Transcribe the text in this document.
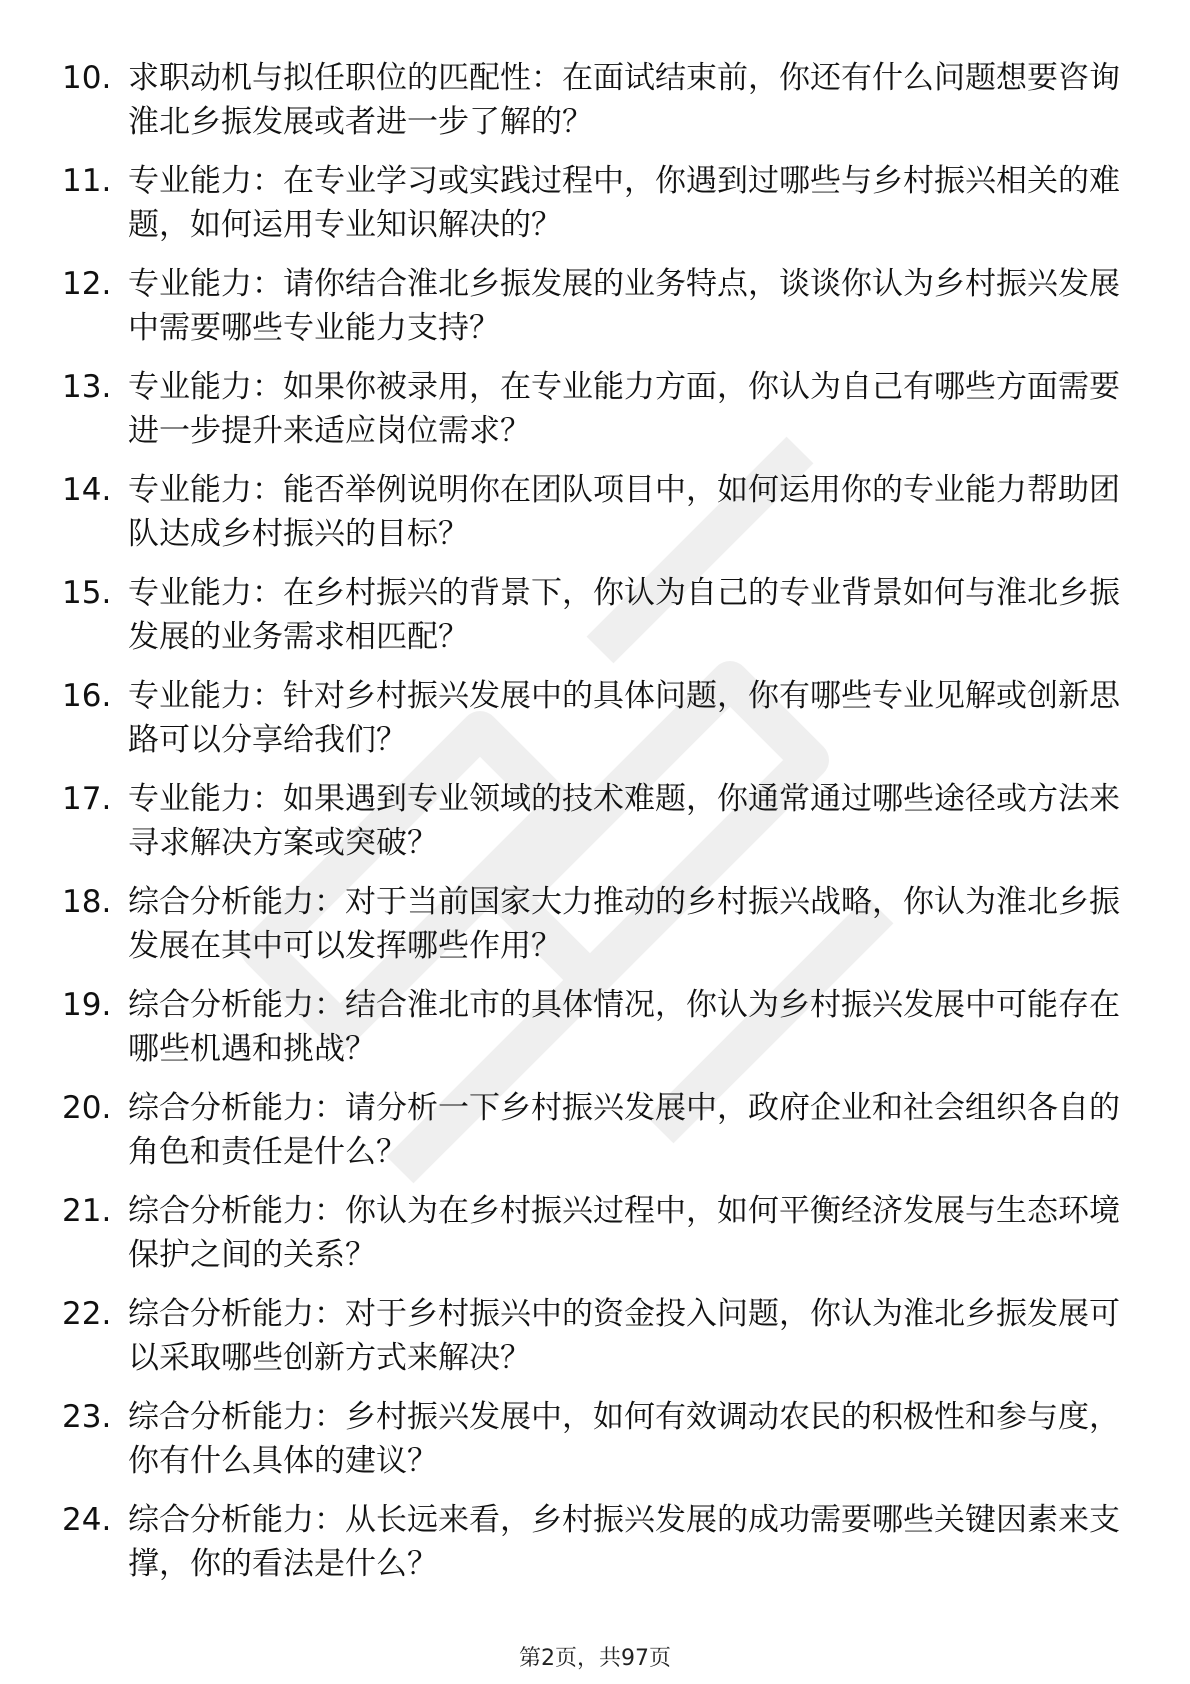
10. 求职动机与拟任职位的匹配性：在面试结束前，你还有什么问题想要咨询淮北乡振发展或者进一步了解的？
11. 专业能力：在专业学习或实践过程中，你遇到过哪些与乡村振兴相关的难题，如何运用专业知识解决的？
12. 专业能力：请你结合淮北乡振发展的业务特点，谈谈你认为乡村振兴发展中需要哪些专业能力支持？
13. 专业能力：如果你被录用，在专业能力方面，你认为自己有哪些方面需要进一步提升来适应岗位需求？
14. 专业能力：能否举例说明你在团队项目中，如何运用你的专业能力帮助团队达成乡村振兴的目标？
15. 专业能力：在乡村振兴的背景下，你认为自己的专业背景如何与淮北乡振发展的业务需求相匹配？
16. 专业能力：针对乡村振兴发展中的具体问题，你有哪些专业见解或创新思路可以分享给我们？
17. 专业能力：如果遇到专业领域的技术难题，你通常通过哪些途径或方法来寻求解决方案或突破？
18. 综合分析能力：对于当前国家大力推动的乡村振兴战略，你认为淮北乡振发展在其中可以发挥哪些作用？
19. 综合分析能力：结合淮北市的具体情况，你认为乡村振兴发展中可能存在哪些机遇和挑战？
20. 综合分析能力：请分析一下乡村振兴发展中，政府企业和社会组织各自的角色和责任是什么？
21. 综合分析能力：你认为在乡村振兴过程中，如何平衡经济发展与生态环境保护之间的关系？
22. 综合分析能力：对于乡村振兴中的资金投入问题，你认为淮北乡振发展可以采取哪些创新方式来解决？
23. 综合分析能力：乡村振兴发展中，如何有效调动农民的积极性和参与度，你有什么具体的建议？
24. 综合分析能力：从长远来看，乡村振兴发展的成功需要哪些关键因素来支撑，你的看法是什么？
第2页，共97页
